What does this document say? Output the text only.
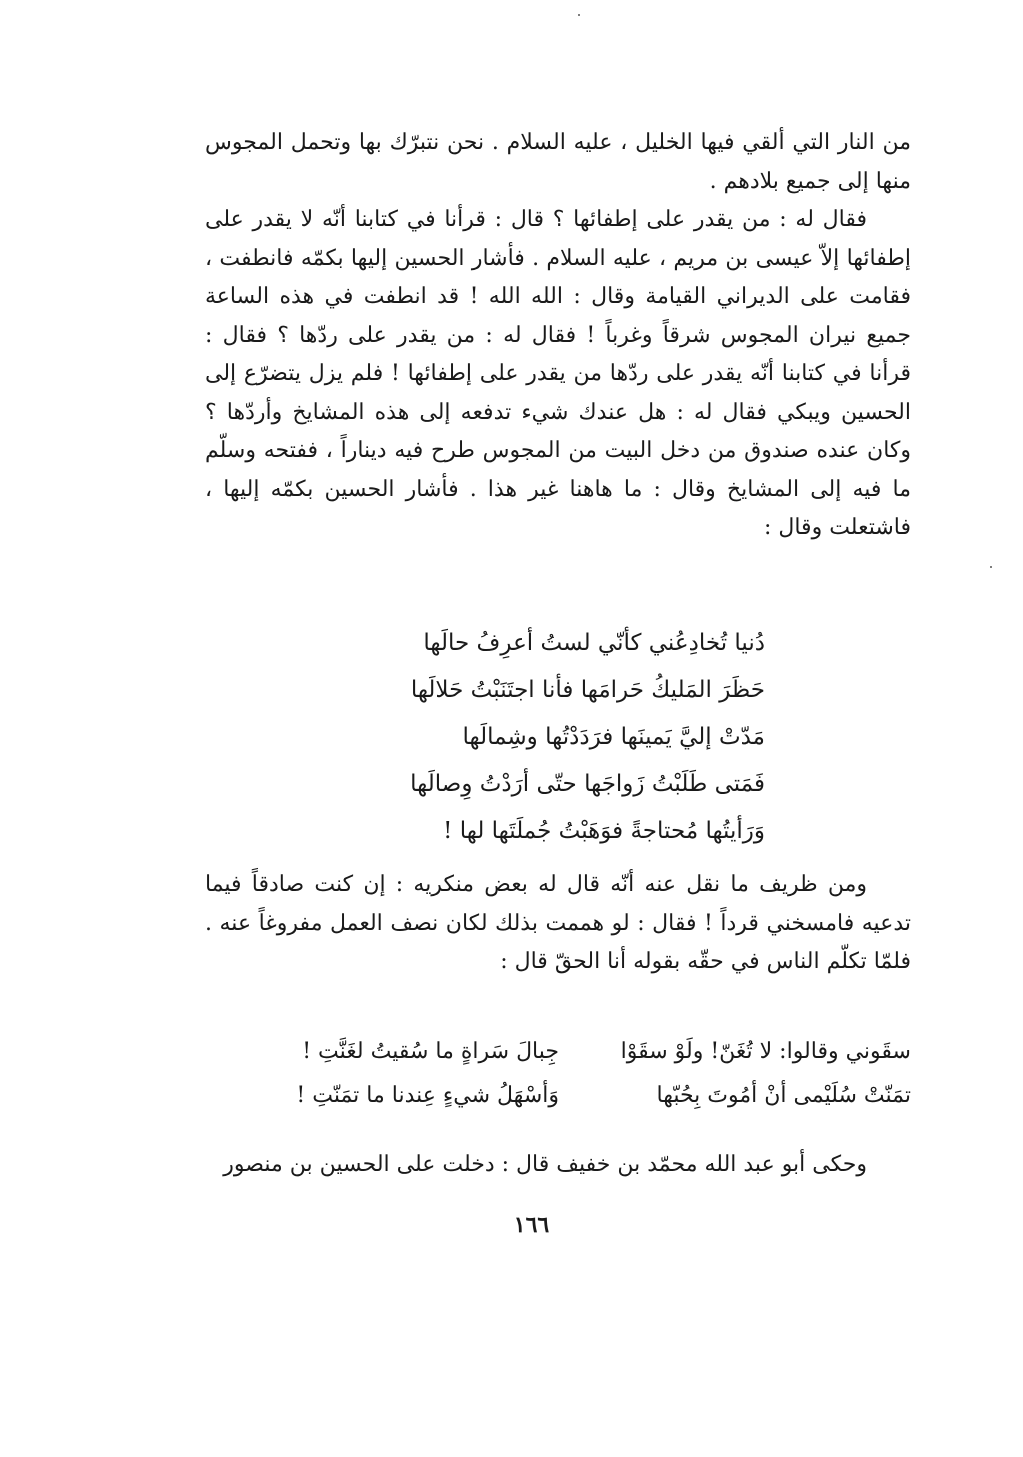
من النار التي ألقي فيها الخليل ، عليه السلام . نحن نتبرّك بها وتحمل المجوس منها إلى جميع بلادهم .

فقال له : من يقدر على إطفائها ؟ قال : قرأنا في كتابنا أنّه لا يقدر على إطفائها إلاّ عيسى بن مريم ، عليه السلام . فأشار الحسين إليها بكمّه فانطفت ، فقامت على الديراني القيامة وقال : الله الله ! قد انطفت في هذه الساعة جميع نيران المجوس شرقاً وغرباً ! فقال له : من يقدر على ردّها ؟ فقال : قرأنا في كتابنا أنّه يقدر على ردّها من يقدر على إطفائها ! فلم يزل يتضرّع إلى الحسين ويبكي فقال له : هل عندك شيء تدفعه إلى هذه المشايخ وأردّها ؟ وكان عنده صندوق من دخل البيت من المجوس طرح فيه ديناراً ، ففتحه وسلّم ما فيه إلى المشايخ وقال : ما هاهنا غير هذا . فأشار الحسين بكمّه إليها ، فاشتعلت وقال :

دُنيا تُخادِعُني كأنّي لستُ أعرِفُ حالَها
حَظَرَ المَليكُ حَرامَها فأنا اجتَنَبْتُ حَلالَها
مَدّتْ إليَّ يَمينَها فرَدَدْتُها وشِمالَها
فَمَتى طَلَبْتُ زَواجَها حتّى أرَدْتُ وِصالَها
وَرَأيتُها مُحتاجةً فوَهَبْتُ جُملَتَها لها !

ومن ظريف ما نقل عنه أنّه قال له بعض منكريه : إن كنت صادقاً فيما تدعيه فامسخني قرداً ! فقال : لو هممت بذلك لكان نصف العمل مفروغاً عنه . فلمّا تكلّم الناس في حقّه بقوله أنا الحقّ قال :

سقَوني وقالوا: لا تُغَنّ! ولَوْ سقَوْا
جِبالَ سَراةٍ ما سُقيتُ لغَنَّتِ !
تمَنّتْ سُلَيْمى أنْ أمُوتَ بِحُبّها
وَأسْهَلُ شيءٍ عِندنا ما تمَنّتِ !

وحكى أبو عبد الله محمّد بن خفيف قال : دخلت على الحسين بن منصور

١٦٦
